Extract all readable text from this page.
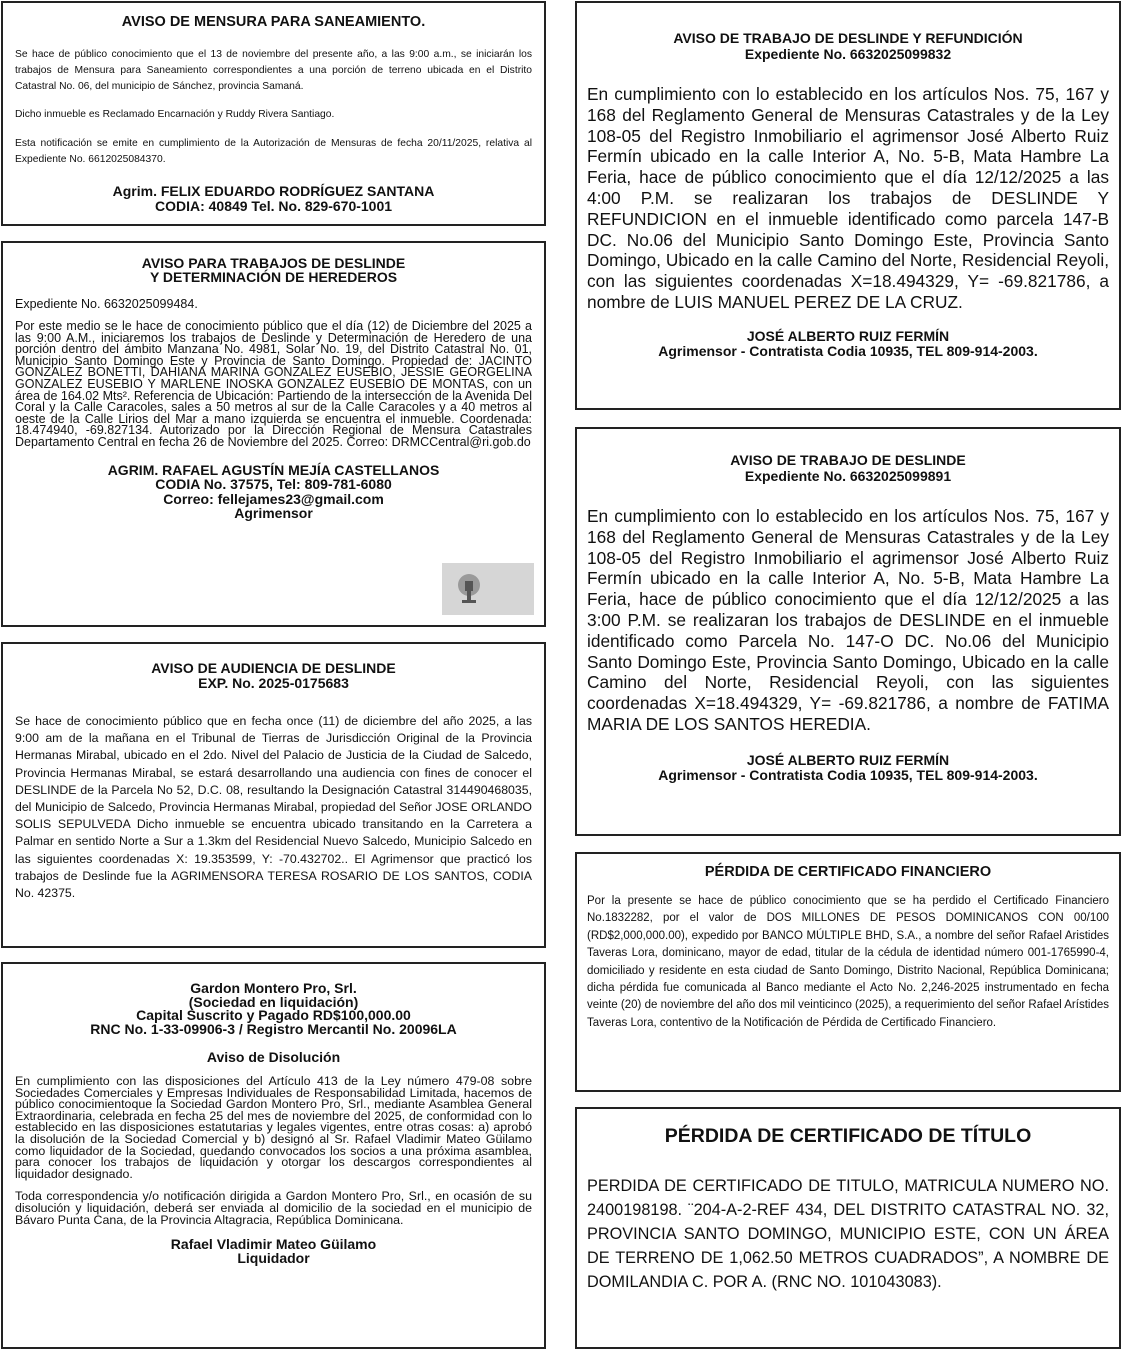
AVISO DE MENSURA PARA SANEAMIENTO.

Se hace de público conocimiento que el 13 de noviembre del presente año, a las 9:00 a.m., se iniciarán los trabajos de Mensura para Saneamiento correspondientes a una porción de terreno ubicada en el Distrito Catastral No. 06, del municipio de Sánchez, provincia Samaná.

Dicho inmueble es Reclamado Encarnación y Ruddy Rivera Santiago.

Esta notificación se emite en cumplimiento de la Autorización de Mensuras de fecha 20/11/2025, relativa al Expediente No. 6612025084370.

Agrim. FELIX EDUARDO RODRÍGUEZ SANTANA
CODIA: 40849 Tel. No. 829-670-1001

AVISO PARA TRABAJOS DE DESLINDE
Y DETERMINACIÓN DE HEREDEROS

Expediente No. 6632025099484.

Por este medio se le hace de conocimiento público que el día (12) de Diciembre del 2025 a las 9:00 A.M., iniciaremos los trabajos de Deslinde y Determinación de Heredero de una porción dentro del ámbito Manzana No. 4981, Solar No. 19, del Distrito Catastral No. 01, Municipio Santo Domingo Este y Provincia de Santo Domingo. Propiedad de: JACINTO GONZALEZ BONETTI, DAHIANA MARINA GONZALEZ EUSEBIO, JESSIE GEORGELINA GONZALEZ EUSEBIO Y MARLENE INOSKA GONZALEZ EUSEBIO DE MONTAS, con un área de 164.02 Mts². Referencia de Ubicación: Partiendo de la intersección de la Avenida Del Coral y la Calle Caracoles, sales a 50 metros al sur de la Calle Caracoles y a 40 metros al oeste de la Calle Lirios del Mar a mano izquierda se encuentra el inmueble. Coordenada: 18.474940, -69.827134. Autorizado por la Dirección Regional de Mensura Catastrales Departamento Central en fecha 26 de Noviembre del 2025. Correo: DRMCCentral@ri.gob.do

AGRIM. RAFAEL AGUSTÍN MEJÍA CASTELLANOS
CODIA No. 37575, Tel: 809-781-6080
Correo: fellejames23@gmail.com
Agrimensor

AVISO DE AUDIENCIA DE DESLINDE
EXP. No. 2025-0175683

Se hace de conocimiento público que en fecha once (11) de diciembre del año 2025, a las 9:00 am de la mañana en el Tribunal de Tierras de Jurisdicción Original de la Provincia Hermanas Mirabal, ubicado en el 2do. Nivel del Palacio de Justicia de la Ciudad de Salcedo, Provincia Hermanas Mirabal, se estará desarrollando una audiencia con fines de conocer el DESLINDE de la Parcela No 52, D.C. 08, resultando la Designación Catastral 314490468035, del Municipio de Salcedo, Provincia Hermanas Mirabal, propiedad del Señor JOSE ORLANDO SOLIS SEPULVEDA Dicho inmueble se encuentra ubicado transitando en la Carretera a Palmar en sentido Norte a Sur a 1.3km del Residencial Nuevo Salcedo, Municipio Salcedo en las siguientes coordenadas X: 19.353599, Y: -70.432702.. El Agrimensor que practicó los trabajos de Deslinde fue la AGRIMENSORA TERESA ROSARIO DE LOS SANTOS, CODIA No. 42375.

Gardon Montero Pro, Srl.
(Sociedad en liquidación)
Capital Suscrito y Pagado RD$100,000.00
RNC No. 1-33-09906-3 / Registro Mercantil No. 20096LA

Aviso de Disolución

En cumplimiento con las disposiciones del Artículo 413 de la Ley número 479-08 sobre Sociedades Comerciales y Empresas Individuales de Responsabilidad Limitada, hacemos de público conocimientoque la Sociedad Gardon Montero Pro, Srl., mediante Asamblea General Extraordinaria, celebrada en fecha 25 del mes de noviembre del 2025, de conformidad con lo establecido en las disposiciones estatutarias y legales vigentes, entre otras cosas: a) aprobó la disolución de la Sociedad Comercial y b) designó al Sr. Rafael Vladimir Mateo Güilamo como liquidador de la Sociedad, quedando convocados los socios a una próxima asamblea, para conocer los trabajos de liquidación y otorgar los descargos correspondientes al liquidador designado.

Toda correspondencia y/o notificación dirigida a Gardon Montero Pro, Srl., en ocasión de su disolución y liquidación, deberá ser enviada al domicilio de la sociedad en el municipio de Bávaro Punta Cana, de la Provincia Altagracia, República Dominicana.

Rafael Vladimir Mateo Güilamo
Liquidador

AVISO DE TRABAJO DE DESLINDE Y REFUNDICIÓN
Expediente No. 6632025099832

En cumplimiento con lo establecido en los artículos Nos. 75, 167 y 168 del Reglamento General de Mensuras Catastrales y de la Ley 108-05 del Registro Inmobiliario el agrimensor José Alberto Ruiz Fermín ubicado en la calle Interior A, No. 5-B, Mata Hambre La Feria, hace de público conocimiento que el día 12/12/2025 a las 4:00 P.M. se realizaran los trabajos de DESLINDE Y REFUNDICION en el inmueble identificado como parcela 147-B DC. No.06 del Municipio Santo Domingo Este, Provincia Santo Domingo, Ubicado en la calle Camino del Norte, Residencial Reyoli, con las siguientes coordenadas X=18.494329, Y= -69.821786, a nombre de LUIS MANUEL PEREZ DE LA CRUZ.

JOSÉ ALBERTO RUIZ FERMÍN
Agrimensor - Contratista Codia 10935, TEL 809-914-2003.

AVISO DE TRABAJO DE DESLINDE
Expediente No. 6632025099891

En cumplimiento con lo establecido en los artículos Nos. 75, 167 y 168 del Reglamento General de Mensuras Catastrales y de la Ley 108-05 del Registro Inmobiliario el agrimensor José Alberto Ruiz Fermín ubicado en la calle Interior A, No. 5-B, Mata Hambre La Feria, hace de público conocimiento que el día 12/12/2025 a las 3:00 P.M. se realizaran los trabajos de DESLINDE en el inmueble identificado como Parcela No. 147-O DC. No.06 del Municipio Santo Domingo Este, Provincia Santo Domingo, Ubicado en la calle Camino del Norte, Residencial Reyoli, con las siguientes coordenadas X=18.494329, Y= -69.821786, a nombre de FATIMA MARIA DE LOS SANTOS HEREDIA.

JOSÉ ALBERTO RUIZ FERMÍN
Agrimensor - Contratista Codia 10935, TEL 809-914-2003.

PÉRDIDA DE CERTIFICADO FINANCIERO

Por la presente se hace de público conocimiento que se ha perdido el Certificado Financiero No.1832282, por el valor de DOS MILLONES DE PESOS DOMINICANOS CON 00/100 (RD$2,000,000.00), expedido por BANCO MÚLTIPLE BHD, S.A., a nombre del señor Rafael Aristides Taveras Lora, dominicano, mayor de edad, titular de la cédula de identidad número 001-1765990-4, domiciliado y residente en esta ciudad de Santo Domingo, Distrito Nacional, República Dominicana; dicha pérdida fue comunicada al Banco mediante el Acto No. 2,246-2025 instrumentado en fecha veinte (20) de noviembre del año dos mil veinticinco (2025), a requerimiento del señor Rafael Arístides Taveras Lora, contentivo de la Notificación de Pérdida de Certificado Financiero.

PÉRDIDA DE CERTIFICADO DE TÍTULO

PERDIDA DE CERTIFICADO DE TITULO, MATRICULA NUMERO NO. 2400198198. ¨204-A-2-REF 434, DEL DISTRITO CATASTRAL NO. 32, PROVINCIA SANTO DOMINGO, MUNICIPIO ESTE, CON UN ÁREA DE TERRENO DE 1,062.50 METROS CUADRADOS”, A NOMBRE DE DOMILANDIA C. POR A. (RNC NO. 101043083).
